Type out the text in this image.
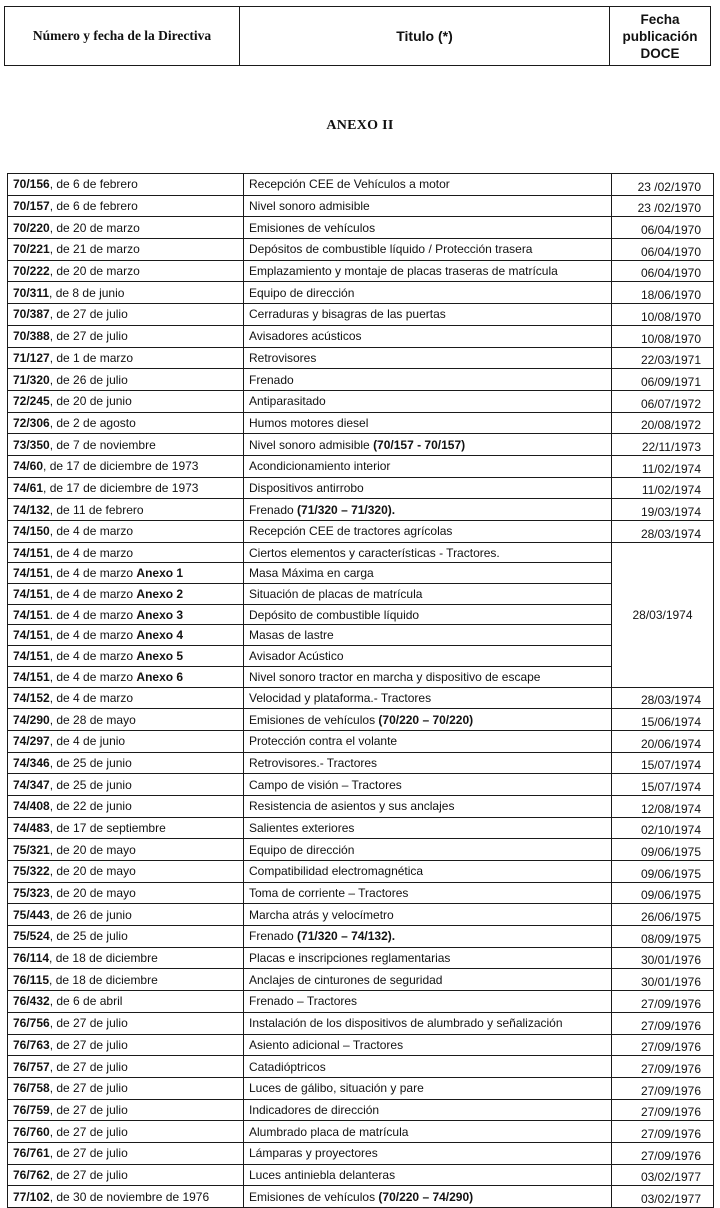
Número y fecha de la Directiva	Titulo (*)	Fecha
publicación
DOCE
ANEXO II
70/156, de 6 de febrero	Recepción CEE de Vehículos a motor	23 /02/1970
70/157, de 6 de febrero	Nivel sonoro admisible	23 /02/1970
70/220, de 20 de marzo	Emisiones de vehículos	06/04/1970
70/221, de 21 de marzo	Depósitos de combustible líquido / Protección trasera	06/04/1970
70/222, de 20 de marzo	Emplazamiento y montaje de placas traseras de matrícula	06/04/1970
70/311, de 8 de junio	Equipo de dirección	18/06/1970
70/387, de 27 de julio	Cerraduras y bisagras de las puertas	10/08/1970
70/388, de 27 de julio	Avisadores acústicos	10/08/1970
71/127, de 1 de marzo	Retrovisores	22/03/1971
71/320, de 26 de julio	Frenado	06/09/1971
72/245, de 20 de junio	Antiparasitado	06/07/1972
72/306, de 2 de agosto	Humos motores diesel	20/08/1972
73/350, de 7 de noviembre	Nivel sonoro admisible (70/157 - 70/157)	22/11/1973
74/60, de 17 de diciembre de 1973	Acondicionamiento interior	11/02/1974
74/61, de 17 de diciembre de 1973	Dispositivos antirrobo	11/02/1974
74/132, de 11 de febrero	Frenado (71/320 – 71/320).	19/03/1974
74/150, de 4 de marzo	Recepción CEE de tractores agrícolas	28/03/1974
74/151, de 4 de marzo	Ciertos elementos y características - Tractores.	28/03/1974
74/151, de 4 de marzo Anexo 1	Masa Máxima en carga	
74/151, de 4 de marzo Anexo 2	Situación de placas de matrícula	
74/151. de 4 de marzo Anexo 3	Depósito de combustible líquido	
74/151, de 4 de marzo Anexo 4	Masas de lastre	
74/151, de 4 de marzo Anexo 5	Avisador Acústico	
74/151, de 4 de marzo Anexo 6	Nivel sonoro tractor en marcha y dispositivo de escape	
74/152, de 4 de marzo	Velocidad y plataforma.- Tractores	28/03/1974
74/290, de 28 de mayo	Emisiones de vehículos (70/220 – 70/220)	15/06/1974
74/297, de 4 de junio	Protección contra el volante	20/06/1974
74/346, de 25 de junio	Retrovisores.- Tractores	15/07/1974
74/347, de 25 de junio	Campo de visión – Tractores	15/07/1974
74/408, de 22 de junio	Resistencia de asientos y sus anclajes	12/08/1974
74/483, de 17 de septiembre	Salientes exteriores	02/10/1974
75/321, de 20 de mayo	Equipo de dirección	09/06/1975
75/322, de 20 de mayo	Compatibilidad electromagnética	09/06/1975
75/323, de 20 de mayo	Toma de corriente – Tractores	09/06/1975
75/443, de 26 de junio	Marcha atrás y velocímetro	26/06/1975
75/524, de 25 de julio	Frenado (71/320 – 74/132).	08/09/1975
76/114, de 18 de diciembre	Placas e inscripciones reglamentarias	30/01/1976
76/115, de 18 de diciembre	Anclajes de cinturones de seguridad	30/01/1976
76/432, de 6 de abril	Frenado – Tractores	27/09/1976
76/756, de 27 de julio	Instalación de los dispositivos de alumbrado y señalización	27/09/1976
76/763, de 27 de julio	Asiento adicional – Tractores	27/09/1976
76/757, de 27 de julio	Catadióptricos	27/09/1976
76/758, de 27 de julio	Luces de gálibo, situación y pare	27/09/1976
76/759, de 27 de julio	Indicadores de dirección	27/09/1976
76/760, de 27 de julio	Alumbrado placa de matrícula	27/09/1976
76/761, de 27 de julio	Lámparas y proyectores	27/09/1976
76/762, de 27 de julio	Luces antiniebla delanteras	03/02/1977
77/102, de 30 de noviembre de 1976	Emisiones de vehículos (70/220 – 74/290)	03/02/1977
